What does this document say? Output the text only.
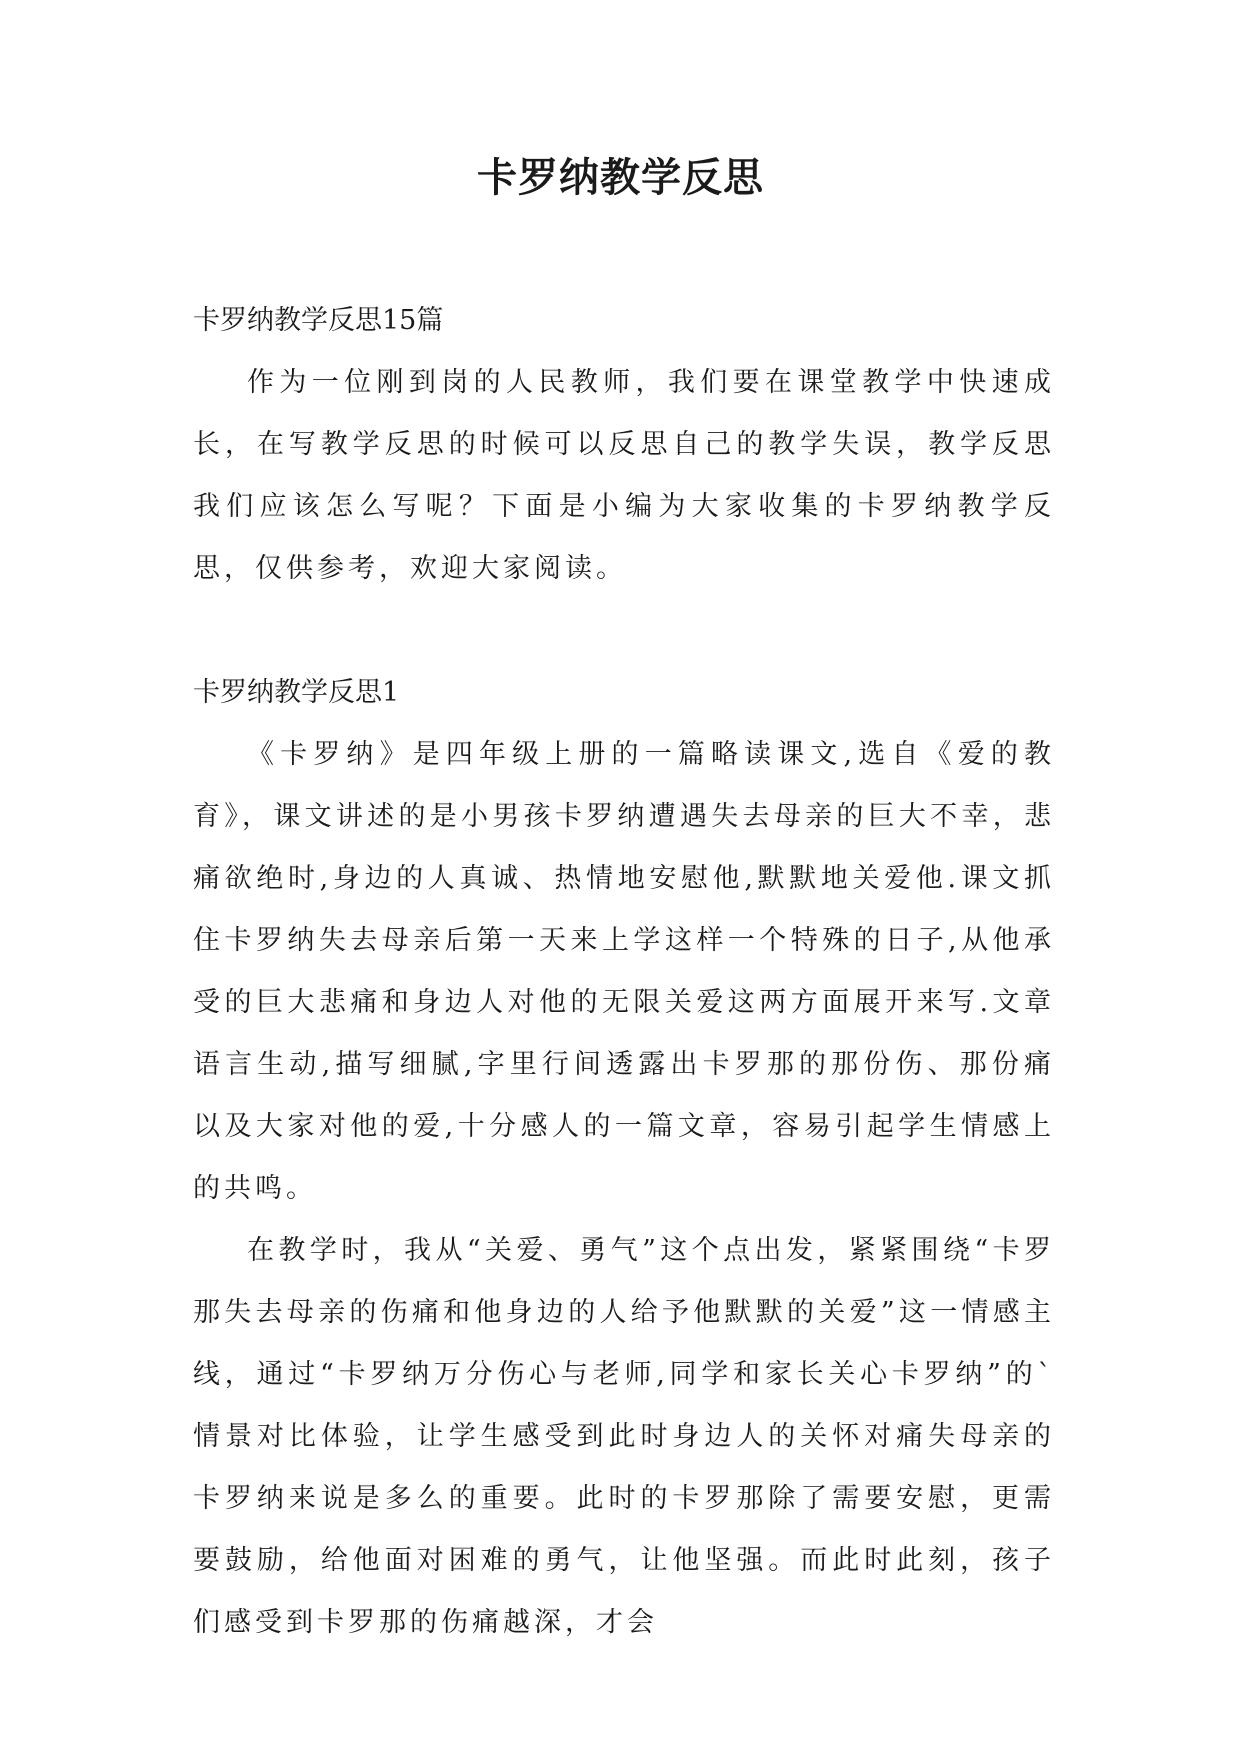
卡罗纳教学反思

卡罗纳教学反思15篇

作为一位刚到岗的人民教师，我们要在课堂教学中快速成长，在写教学反思的时候可以反思自己的教学失误，教学反思我们应该怎么写呢？下面是小编为大家收集的卡罗纳教学反思，仅供参考，欢迎大家阅读。

卡罗纳教学反思1

《卡罗纳》是四年级上册的一篇略读课文,选自《爱的教育》，课文讲述的是小男孩卡罗纳遭遇失去母亲的巨大不幸，悲痛欲绝时,身边的人真诚、热情地安慰他,默默地关爱他.课文抓住卡罗纳失去母亲后第一天来上学这样一个特殊的日子,从他承受的巨大悲痛和身边人对他的无限关爱这两方面展开来写.文章语言生动,描写细腻,字里行间透露出卡罗那的那份伤、那份痛以及大家对他的爱,十分感人的一篇文章，容易引起学生情感上的共鸣。

在教学时，我从“关爱、勇气”这个点出发，紧紧围绕“卡罗那失去母亲的伤痛和他身边的人给予他默默的关爱”这一情感主线，通过“卡罗纳万分伤心与老师,同学和家长关心卡罗纳”的`情景对比体验，让学生感受到此时身边人的关怀对痛失母亲的卡罗纳来说是多么的重要。此时的卡罗那除了需要安慰，更需要鼓励，给他面对困难的勇气，让他坚强。而此时此刻，孩子们感受到卡罗那的伤痛越深，才会
